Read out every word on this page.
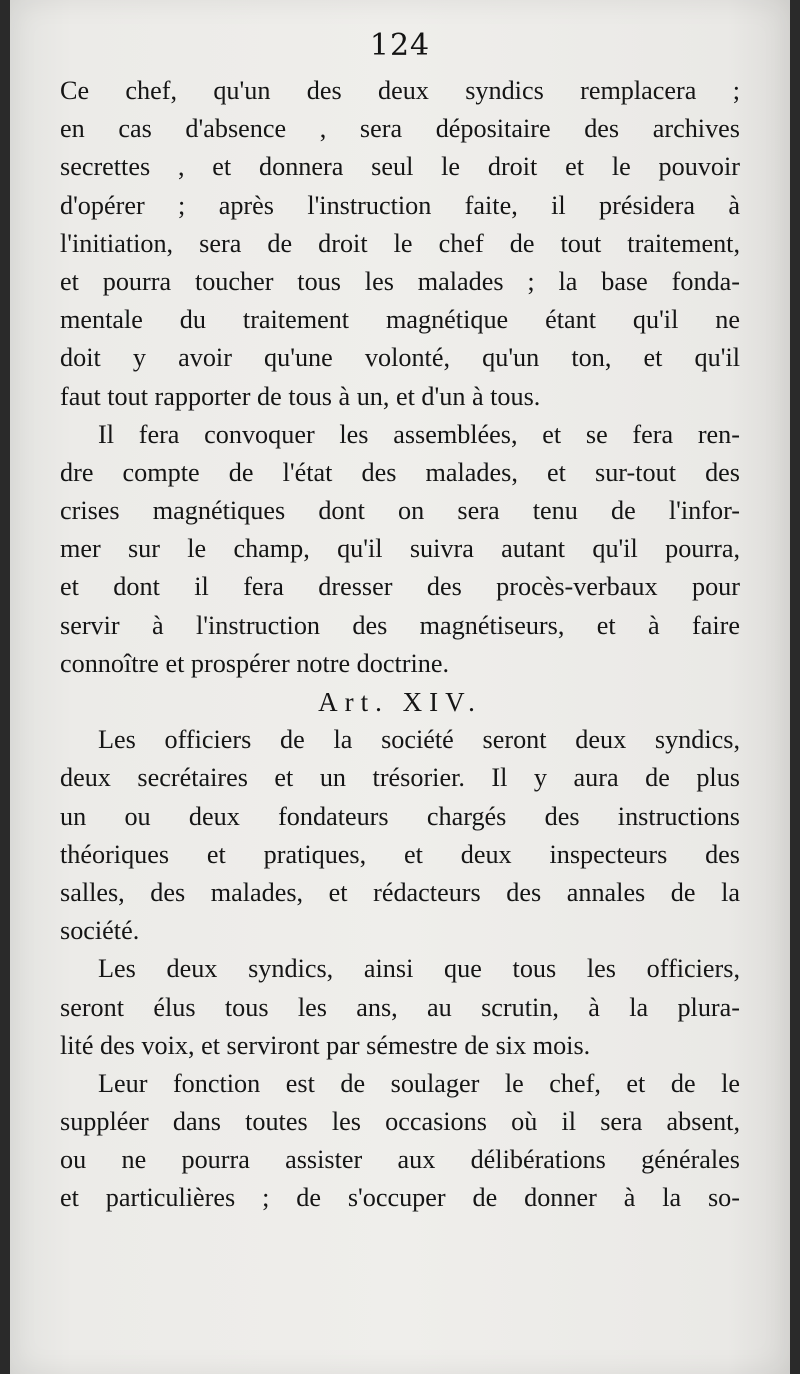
124
Ce chef, qu'un des deux syndics remplacera ;
en cas d'absence , sera dépositaire des archives
secrettes , et donnera seul le droit et le pouvoir
d'opérer ; après l'instruction faite, il présidera à
l'initiation, sera de droit le chef de tout traitement,
et pourra toucher tous les malades ; la base fonda-
mentale du traitement magnétique étant qu'il ne
doit y avoir qu'une volonté, qu'un ton, et qu'il
faut tout rapporter de tous à un, et d'un à tous.
Il fera convoquer les assemblées, et se fera ren-
dre compte de l'état des malades, et sur-tout des
crises magnétiques dont on sera tenu de l'infor-
mer sur le champ, qu'il suivra autant qu'il pourra,
et dont il fera dresser des procès-verbaux pour
servir à l'instruction des magnétiseurs, et à faire
connoître et prospérer notre doctrine.
Art. XIV.
Les officiers de la société seront deux syndics,
deux secrétaires et un trésorier. Il y aura de plus
un ou deux fondateurs chargés des instructions
théoriques et pratiques, et deux inspecteurs des
salles, des malades, et rédacteurs des annales de la
société.
Les deux syndics, ainsi que tous les officiers,
seront élus tous les ans, au scrutin, à la plura-
lité des voix, et serviront par sémestre de six mois.
Leur fonction est de soulager le chef, et de le
suppléer dans toutes les occasions où il sera absent,
ou ne pourra assister aux délibérations générales
et particulières ; de s'occuper de donner à la so-
